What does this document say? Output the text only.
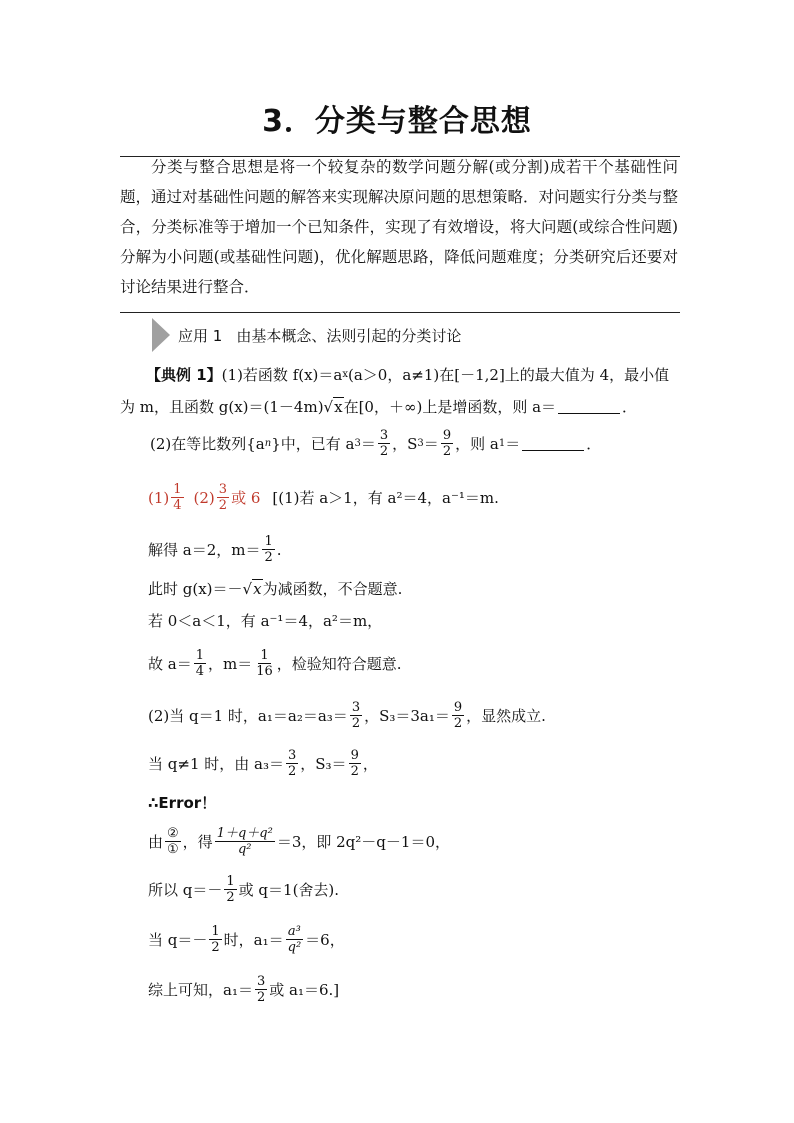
3．分类与整合思想

分类与整合思想是将一个较复杂的数学问题分解(或分割)成若干个基础性问题，通过对基础性问题的解答来实现解决原问题的思想策略．对问题实行分类与整合，分类标准等于增加一个已知条件，实现了有效增设，将大问题(或综合性问题)分解为小问题(或基础性问题)，优化解题思路，降低问题难度；分类研究后还要对讨论结果进行整合．

应用 1 由基本概念、法则引起的分类讨论
【典例 1】 (1)若函数 f(x)＝a x (a＞0，a≠1)在[－1,2]上的最大值为 4，最小值
为 m，且函数 g(x)＝(1－4m) √ x 在[0，＋∞)上是增函数，则 a＝	．
(2)在等比数列{a n }中，已有 a $3 = \frac{3}{2}$ ，S $3 = \frac{9}{2}$ ，则 a 1 ＝	．
$(1) \frac{1}{4} (2) \frac{3}{2}$ 或 6 [(1)若 a＞1，有 a²＝4，a⁻¹＝m.
解得 a＝2，$m= \frac{1}{2}$ .
此时 g(x)＝－ √ x 为减函数，不合题意.
若 0＜a＜1，有 a⁻¹＝4，a²＝m，
故 $a= \frac{1}{4}$ ，$m= \frac{1}{16}$ ，检验知符合题意.
(2)当 q＝1 时，$a_1=a_2=a_3= \frac{3}{2}$ ，$S_3=3a_1= \frac{9}{2}$ ，显然成立.
当 q≠1 时，由 $a_3= \frac{3}{2}$ ，$S_3= \frac{9}{2}$ ，
∴Error！
由 $\frac{\text{②}}{\text{①}}$ ，得 $\frac{\text{1＋q＋q²}}{\text{q²}} =3$，即 2q²－q－1＝0，
所以 $q=- \frac{1}{2}$ 或 q＝1(舍去).
当 $q=- \frac{1}{2}$ 时，$a_1= \frac{\text{a³}}{\text{q²}} =6$，
综上可知，$a_1= \frac{3}{2}$ 或 a₁＝6.]
